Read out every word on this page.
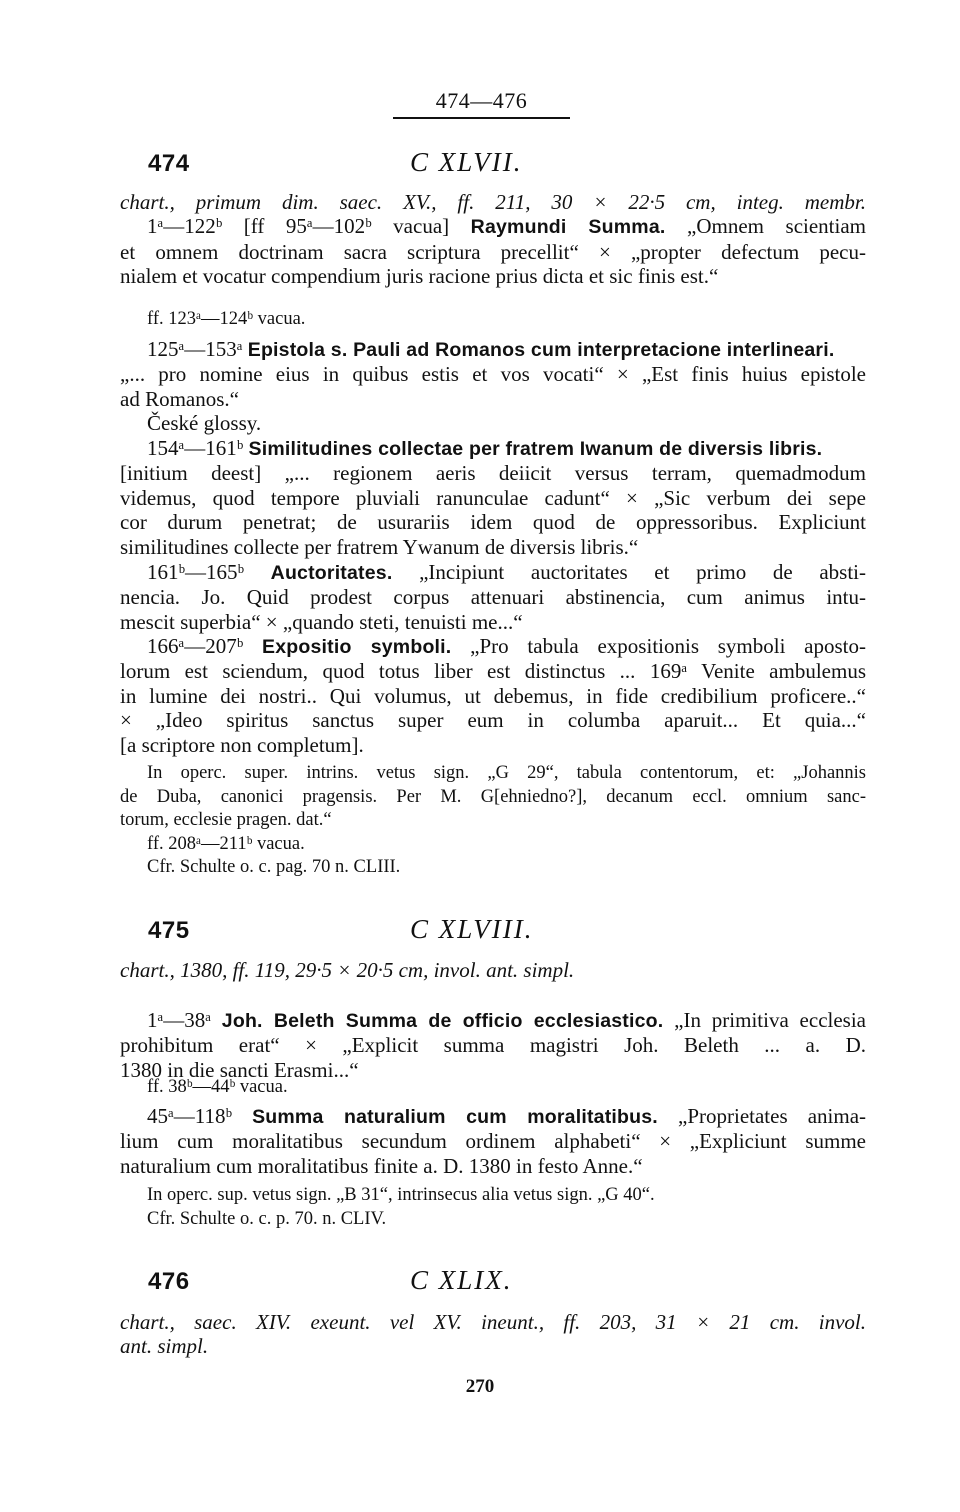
474—476
474	C XLVII.
chart., primum dim. saec. XV., ff. 211, 30 × 22·5 cm, integ. membr.
1ᵃ—122ᵇ [ff 95ᵃ—102ᵇ vacua] Raymundi Summa. „Omnem scientiam
et omnem doctrinam sacra scriptura precellit“ × „propter defectum pecu-
nialem et vocatur compendium juris racione prius dicta et sic finis est.“
ff. 123ᵃ—124ᵇ vacua.
125ᵃ—153ᵃ Epistola s. Pauli ad Romanos cum interpretacione interlineari.
„... pro nomine eius in quibus estis et vos vocati“ × „Est finis huius epistole
ad Romanos.“
České glossy.
154ᵃ—161ᵇ Similitudines collectae per fratrem Iwanum de diversis libris.
[initium deest] „... regionem aeris deiicit versus terram, quemadmodum
videmus, quod tempore pluviali ranunculae cadunt“ × „Sic verbum dei sepe
cor durum penetrat; de usurariis idem quod de oppressoribus. Expliciunt
similitudines collecte per fratrem Ywanum de diversis libris.“
161ᵇ—165ᵇ Auctoritates. „Incipiunt auctoritates et primo de absti-
nencia. Jo. Quid prodest corpus attenuari abstinencia, cum animus intu-
mescit superbia“ × „quando steti, tenuisti me...“
166ᵃ—207ᵇ Expositio symboli. „Pro tabula expositionis symboli aposto-
lorum est sciendum, quod totus liber est distinctus ... 169ᵃ Venite ambulemus
in lumine dei nostri.. Qui volumus, ut debemus, in fide credibilium proficere..“
× „Ideo spiritus sanctus super eum in columba aparuit... Et quia...“
[a scriptore non completum].
In operc. super. intrins. vetus sign. „G 29“, tabula contentorum, et: „Johannis
de Duba, canonici pragensis. Per M. G[ehniedno?], decanum eccl. omnium sanc-
torum, ecclesie pragen. dat.“
ff. 208ᵃ—211ᵇ vacua.
Cfr. Schulte o. c. pag. 70 n. CLIII.
475	C XLVIII.
chart., 1380, ff. 119, 29·5 × 20·5 cm, invol. ant. simpl.
1ᵃ—38ᵃ Joh. Beleth Summa de officio ecclesiastico. „In primitiva ecclesia
prohibitum erat“ × „Explicit summa magistri Joh. Beleth ... a. D.
1380 in die sancti Erasmi...“
ff. 38ᵇ—44ᵇ vacua.
45ᵃ—118ᵇ Summa naturalium cum moralitatibus. „Proprietates anima-
lium cum moralitatibus secundum ordinem alphabeti“ × „Expliciunt summe
naturalium cum moralitatibus finite a. D. 1380 in festo Anne.“
In operc. sup. vetus sign. „B 31“, intrinsecus alia vetus sign. „G 40“.
Cfr. Schulte o. c. p. 70. n. CLIV.
476	C XLIX.
chart., saec. XIV. exeunt. vel XV. ineunt., ff. 203, 31 × 21 cm. invol.
ant. simpl.
270
